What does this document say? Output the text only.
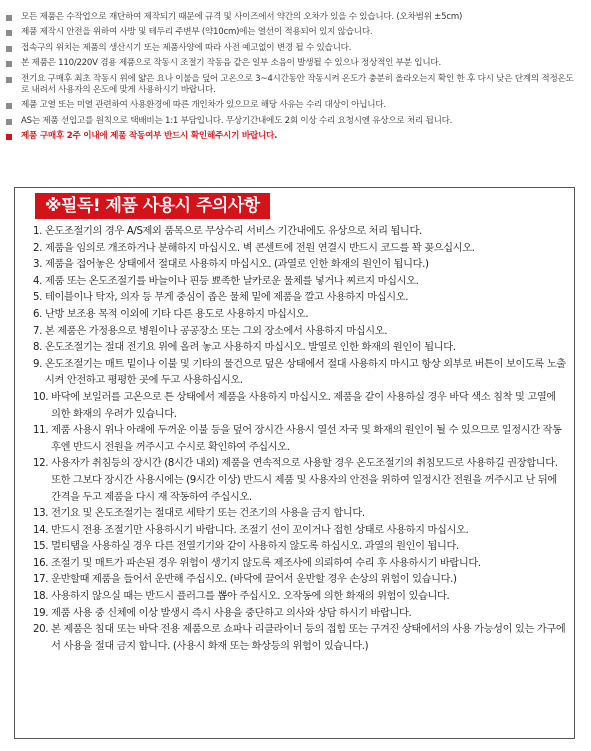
모든 제품은 수작업으로 재단하여 제작되기 때문에 규격 및 사이즈에서 약간의 오차가 있을 수 있습니다. (오차범위 ±5cm)
제품 제작시 안전을 위하여 사방 및 테두리 주변부 (약10cm)에는 열선이 적용되어 있지 않습니다.
접속구의 위치는 제품의 생산시기 또는 제품사양에 따라 사전 예고없이 변경 될 수 있습니다.
본 제품은 110/220V 겸용 제품으로 작동시 조절기 작동음 같은 일부 소음이 발생될 수 있으나 정상적인 부분 입니다.
전기요 구매후 최초 작동시 위에 얇은 요나 이불을 덮어 고온으로 3~4시간동안 작동시켜 온도가 충분히 올라오는지 확인 한 후 다시 낮은 단계의 적정온도로 내려서 사용자의 온도에 맞게 사용하시기 바랍니다.
제품 고열 또는 미열 관련하여 사용환경에 따른 개인차가 있으므로 해당 사유는 수리 대상이 아닙니다.
AS는 제품 선입고를 원칙으로 택배비는 1:1 부담입니다. 무상기간내에도 2회 이상 수리 요청시엔 유상으로 처리 됩니다.
제품 구매후 2주 이내에 제품 작동여부 반드시 확인해주시기 바랍니다.
※필독! 제품 사용시 주의사항
1. 온도조절기의 경우 A/S제외 품목으로 무상수리 서비스 기간내에도 유상으로 처리 됩니다.
2. 제품을 임의로 개조하거나 분해하지 마십시오. 벽 콘센트에 전원 연결시 반드시 코드를 꽉 꽂으십시오.
3. 제품을 접어놓은 상태에서 절대로 사용하지 마십시오. (과열로 인한 화재의 원인이 됩니다.)
4. 제품 또는 온도조절기를 바늘이나 핀등 뾰족한 날카로운 물체를 넣거나 찌르지 마십시오.
5. 테이블이나 탁자, 의자 등 무게 중심이 좁은 물체 밑에 제품을 깔고 사용하지 마십시오.
6. 난방 보조용 목적 이외에 기타 다른 용도로 사용하지 마십시오.
7. 본 제품은 가정용으로 병원이나 공공장소 또는 그외 장소에서 사용하지 마십시오.
8. 온도조절기는 절대 전기요 위에 올려 놓고 사용하지 마십시오. 발열로 인한 화재의 원인이 됩니다.
9. 온도조절기는 매트 밑이나 이불 및 기타의 물건으로 덮은 상태에서 절대 사용하지 마시고 항상 외부로 버튼이 보이도록 노출시켜 안전하고 평평한 곳에 두고 사용하십시오.
10. 바닥에 보일러를 고온으로 튼 상태에서 제품을 사용하지 마십시오. 제품을 같이 사용하실 경우 바닥 색소 침착 및 고열에 의한 화재의 우려가 있습니다.
11. 제품 사용시 위나 아래에 두꺼운 이불 등을 덮어 장시간 사용시 열선 자국 및 화재의 원인이 될 수 있으므로 일정시간 작동 후엔 반드시 전원을 꺼주시고 수시로 확인하여 주십시오.
12. 사용자가 취침등의 장시간 (8시간 내외) 제품을 연속적으로 사용할 경우 온도조절기의 취침모드로 사용하길 권장합니다. 또한 그보다 장시간 사용시에는 (9시간 이상) 반드시 제품 및 사용자의 안전을 위하여 일정시간 전원을 꺼주시고 난 뒤에 간격을 두고 제품을 다시 재 작동하여 주십시오.
13. 전기요 및 온도조절기는 절대로 세탁기 또는 건조기의 사용을 금지 합니다.
14. 반드시 전용 조절기만 사용하시기 바랍니다. 조절기 선이 꼬이거나 접힌 상태로 사용하지 마십시오.
15. 멀티탭을 사용하실 경우 다른 전열기기와 같이 사용하지 않도록 하십시오. 과열의 원인이 됩니다.
16. 조절기 및 매트가 파손된 경우 위험이 생기지 않도록 제조사에 의뢰하여 수리 후 사용하시기 바랍니다.
17. 운반할때 제품을 들어서 운반해 주십시오. (바닥에 끌어서 운반할 경우 손상의 위험이 있습니다.)
18. 사용하지 않으실 때는 반드시 플러그를 뽑아 주십시오. 오작동에 의한 화재의 위험이 있습니다.
19. 제품 사용 중 신체에 이상 발생시 즉시 사용을 중단하고 의사와 상담 하시기 바랍니다.
20. 본 제품은 침대 또는 바닥 전용 제품으로 쇼파나 리클라이너 등의 접힘 또는 구겨진 상태에서의 사용 가능성이 있는 가구에서 사용을 절대 금지 합니다. (사용시 화재 또는 화상등의 위험이 있습니다.)
